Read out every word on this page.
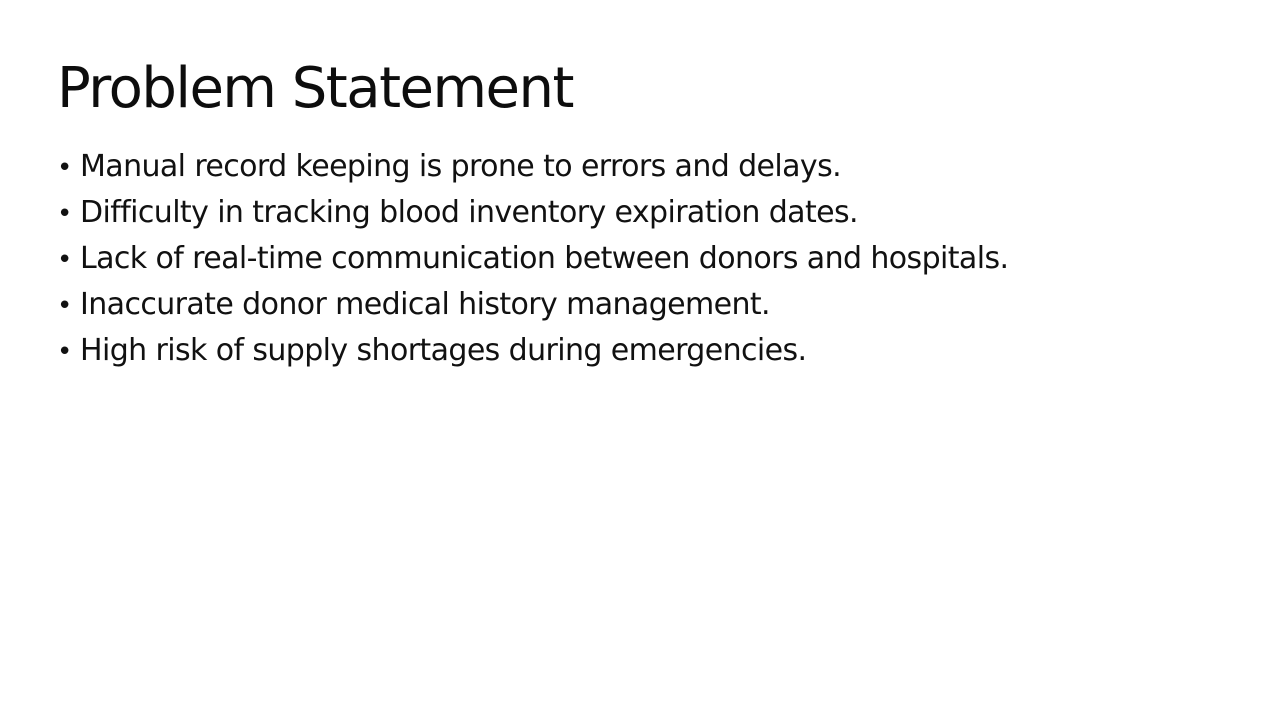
Problem Statement
• Manual record keeping is prone to errors and delays.
• Difficulty in tracking blood inventory expiration dates.
• Lack of real-time communication between donors and hospitals.
• Inaccurate donor medical history management.
• High risk of supply shortages during emergencies.
